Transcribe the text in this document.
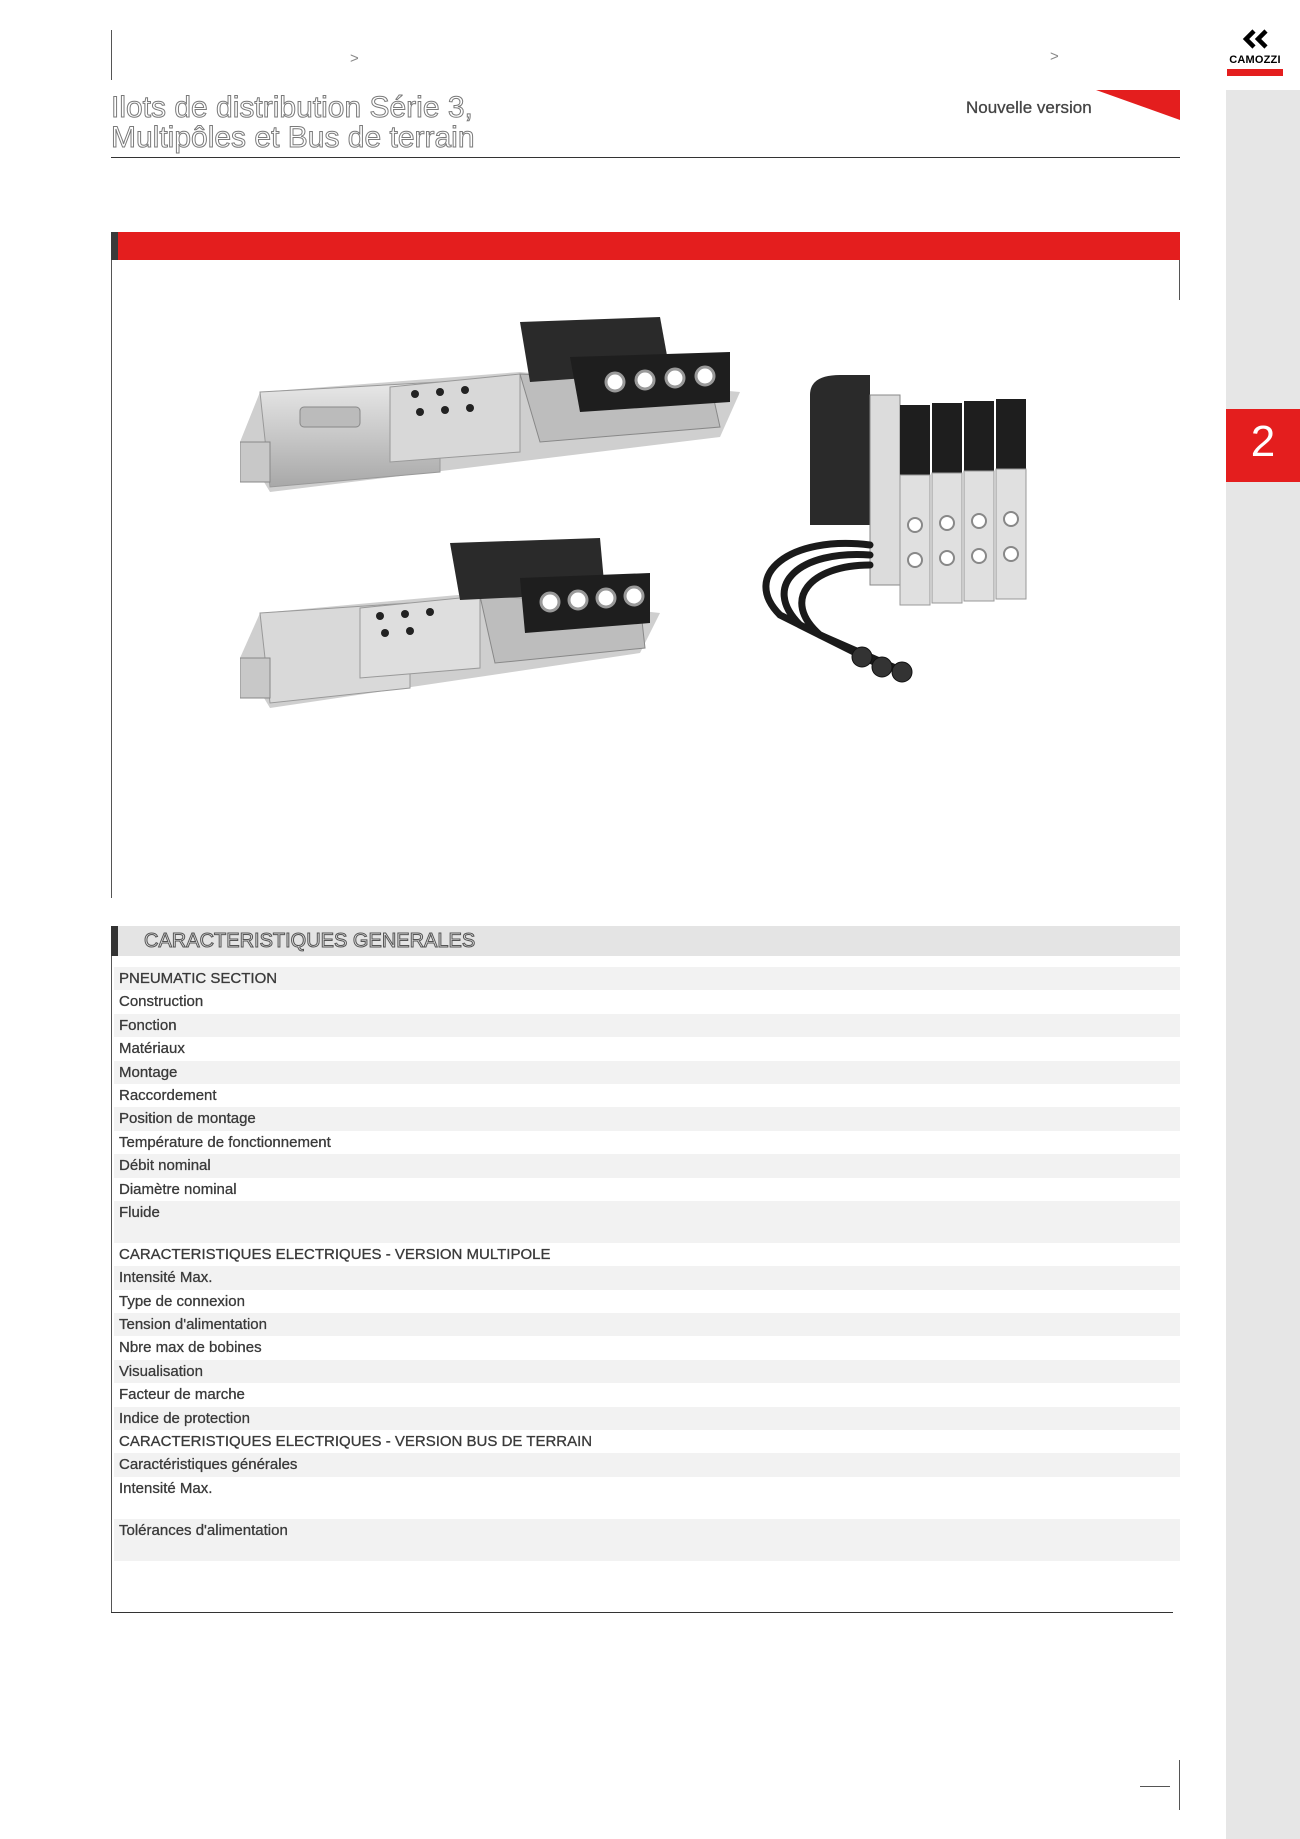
CAMOZZI
2
>	>
Ilots de distribution Série 3,
Multipôles et Bus de terrain
Nouvelle version
CARACTERISTIQUES GENERALES
PNEUMATIC SECTION
Construction
Fonction
Matériaux
Montage
Raccordement
Position de montage
Température de fonctionnement
Débit nominal
Diamètre nominal
Fluide
CARACTERISTIQUES ELECTRIQUES - VERSION MULTIPOLE
Intensité Max.
Type de connexion
Tension d'alimentation
Nbre max de bobines
Visualisation
Facteur de marche
Indice de protection
CARACTERISTIQUES ELECTRIQUES - VERSION BUS DE TERRAIN
Caractéristiques générales
Intensité Max.
Tolérances d'alimentation
